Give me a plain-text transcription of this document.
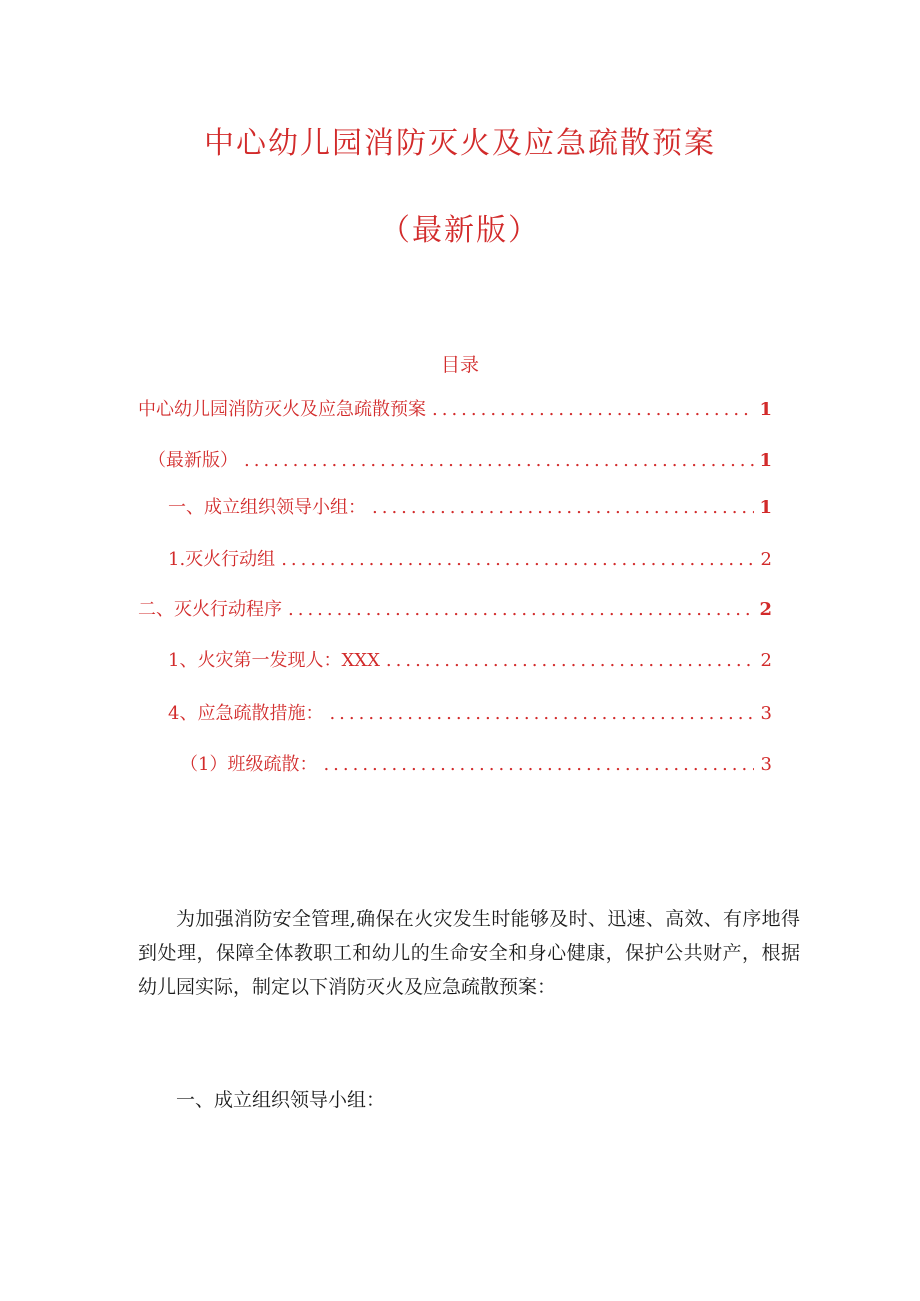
中心幼儿园消防灭火及应急疏散预案
（最新版）
目录
中心幼儿园消防灭火及应急疏散预案 .....	1
（最新版） .....	1
一、成立组织领导小组： .....	1
1.灭火行动组 .....	2
二、灭火行动程序 .....	2
1、火灾第一发现人：XXX .....	2
4、应急疏散措施： .....	3
（1）班级疏散： .....	3

为加强消防安全管理,确保在火灾发生时能够及时、迅速、高效、有序地得到处理，保障全体教职工和幼儿的生命安全和身心健康，保护公共财产，根据幼儿园实际，制定以下消防灭火及应急疏散预案：

一、成立组织领导小组：
